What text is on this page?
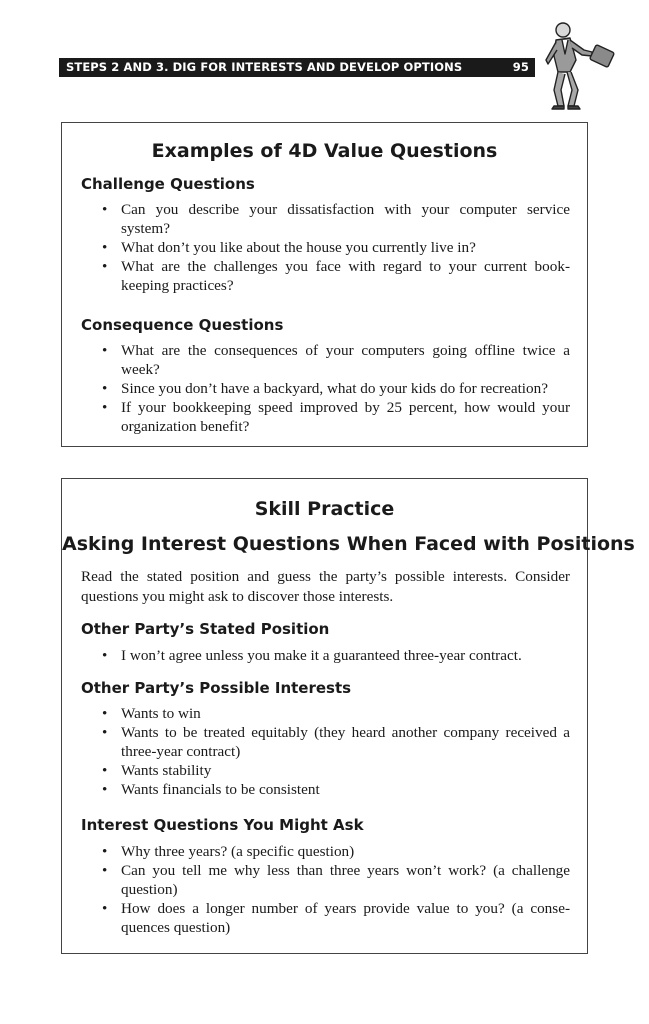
STEPS 2 AND 3. DIG FOR INTERESTS AND DEVELOP OPTIONS	95
Examples of 4D Value Questions
Challenge Questions
• Can you describe your dissatisfaction with your computer service system?
• What don’t you like about the house you currently live in?
• What are the challenges you face with regard to your current bookkeeping practices?
Consequence Questions
• What are the consequences of your computers going offline twice a week?
• Since you don’t have a backyard, what do your kids do for recreation?
• If your bookkeeping speed improved by 25 percent, how would your organization benefit?
Skill Practice
Asking Interest Questions When Faced with Positions

Read the stated position and guess the party’s possible interests. Consider questions you might ask to discover those interests.

Other Party’s Stated Position
• I won’t agree unless you make it a guaranteed three-year contract.
Other Party’s Possible Interests
• Wants to win
• Wants to be treated equitably (they heard another company received a three-year contract)
• Wants stability
• Wants financials to be consistent
Interest Questions You Might Ask
• Why three years? (a specific question)
• Can you tell me why less than three years won’t work? (a challenge question)
• How does a longer number of years provide value to you? (a consequences question)
